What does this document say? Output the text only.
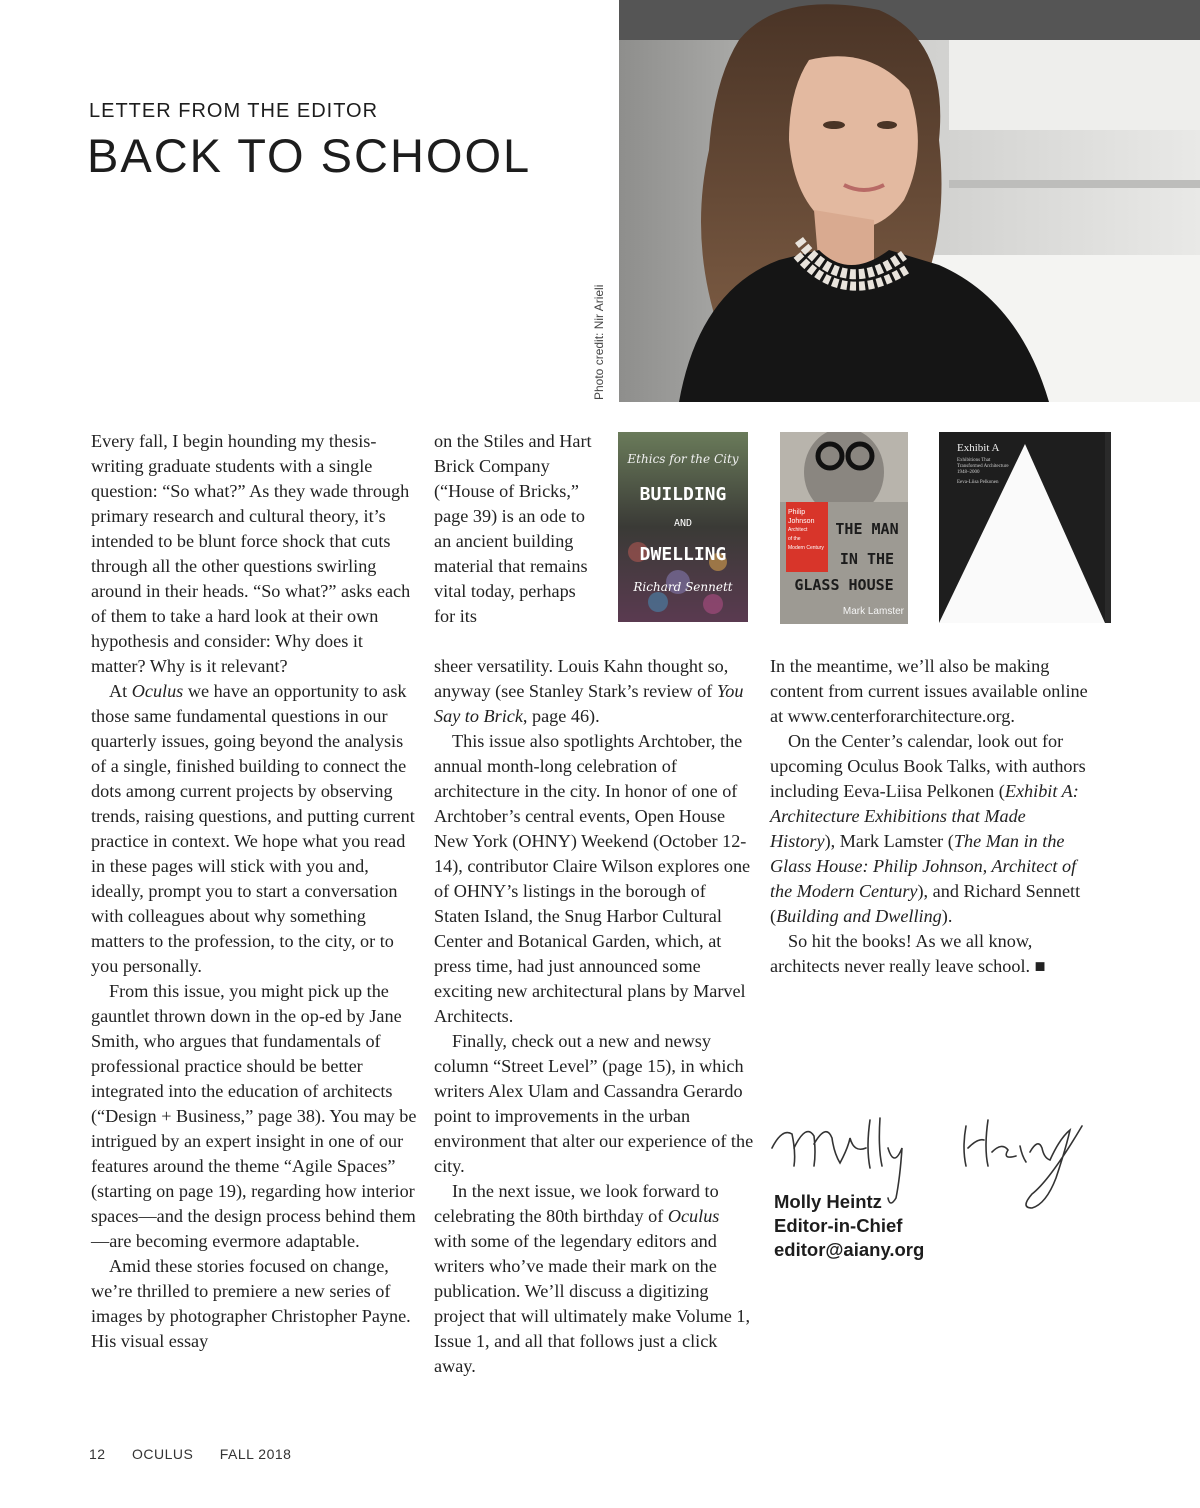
LETTER FROM THE EDITOR
BACK TO SCHOOL
Photo credit: Nir Arieli

Every fall, I begin hounding my thesis-writing graduate students with a single question: “So what?” As they wade through primary research and cultural theory, it’s intended to be blunt force shock that cuts through all the other questions swirling around in their heads. “So what?” asks each of them to take a hard look at their own hypothesis and consider: Why does it matter? Why is it relevant?

At Oculus we have an opportunity to ask those same fundamental questions in our quarterly issues, going beyond the analysis of a single, finished building to connect the dots among current projects by observing trends, raising questions, and putting current practice in context. We hope what you read in these pages will stick with you and, ideally, prompt you to start a conversation with colleagues about why something matters to the profession, to the city, or to you personally.

From this issue, you might pick up the gauntlet thrown down in the op-ed by Jane Smith, who argues that fundamentals of professional practice should be better integrated into the education of architects (“Design + Business,” page 38). You may be intrigued by an expert insight in one of our features around the theme “Agile Spaces” (starting on page 19), regarding how interior spaces—and the design process behind them—are becoming evermore adaptable.

Amid these stories focused on change, we’re thrilled to premiere a new series of images by photographer Christopher Payne. His visual essay

on the Stiles and Hart Brick Company (“House of Bricks,” page 39) is an ode to an ancient building material that remains vital today, perhaps for its

sheer versatility. Louis Kahn thought so, anyway (see Stanley Stark’s review of You Say to Brick, page 46).

This issue also spotlights Archtober, the annual month-long celebration of architecture in the city. In honor of one of Archtober’s central events, Open House New York (OHNY) Weekend (October 12-14), contributor Claire Wilson explores one of OHNY’s listings in the borough of Staten Island, the Snug Harbor Cultural Center and Botanical Garden, which, at press time, had just announced some exciting new architectural plans by Marvel Architects.

Finally, check out a new and newsy column “Street Level” (page 15), in which writers Alex Ulam and Cassandra Gerardo point to improvements in the urban environment that alter our experience of the city.

In the next issue, we look forward to celebrating the 80th birthday of Oculus with some of the legendary editors and writers who’ve made their mark on the publication. We’ll discuss a digitizing project that will ultimately make Volume 1, Issue 1, and all that follows just a click away.

In the meantime, we’ll also be making content from current issues available online at www.centerforarchitecture.org.

On the Center’s calendar, look out for upcoming Oculus Book Talks, with authors including Eeva-Liisa Pelkonen (Exhibit A: Architecture Exhibitions that Made History), Mark Lamster (The Man in the Glass House: Philip Johnson, Architect of the Modern Century), and Richard Sennett (Building and Dwelling).

So hit the books! As we all know, architects never really leave school. ■

Ethics for the City
BUILDING
AND
DWELLING
Richard Sennett
Philip
Johnson
Architect
of the
Modern Century
THE MAN
IN THE
GLASS HOUSE
Mark Lamster
Exhibit A
Exhibitions That
Transformed Architecture
1948–2000
Eeva-Liisa Pelkonen
Molly Heintz
Editor-in-Chief
editor@aiany.org
12 OCULUS FALL 2018
